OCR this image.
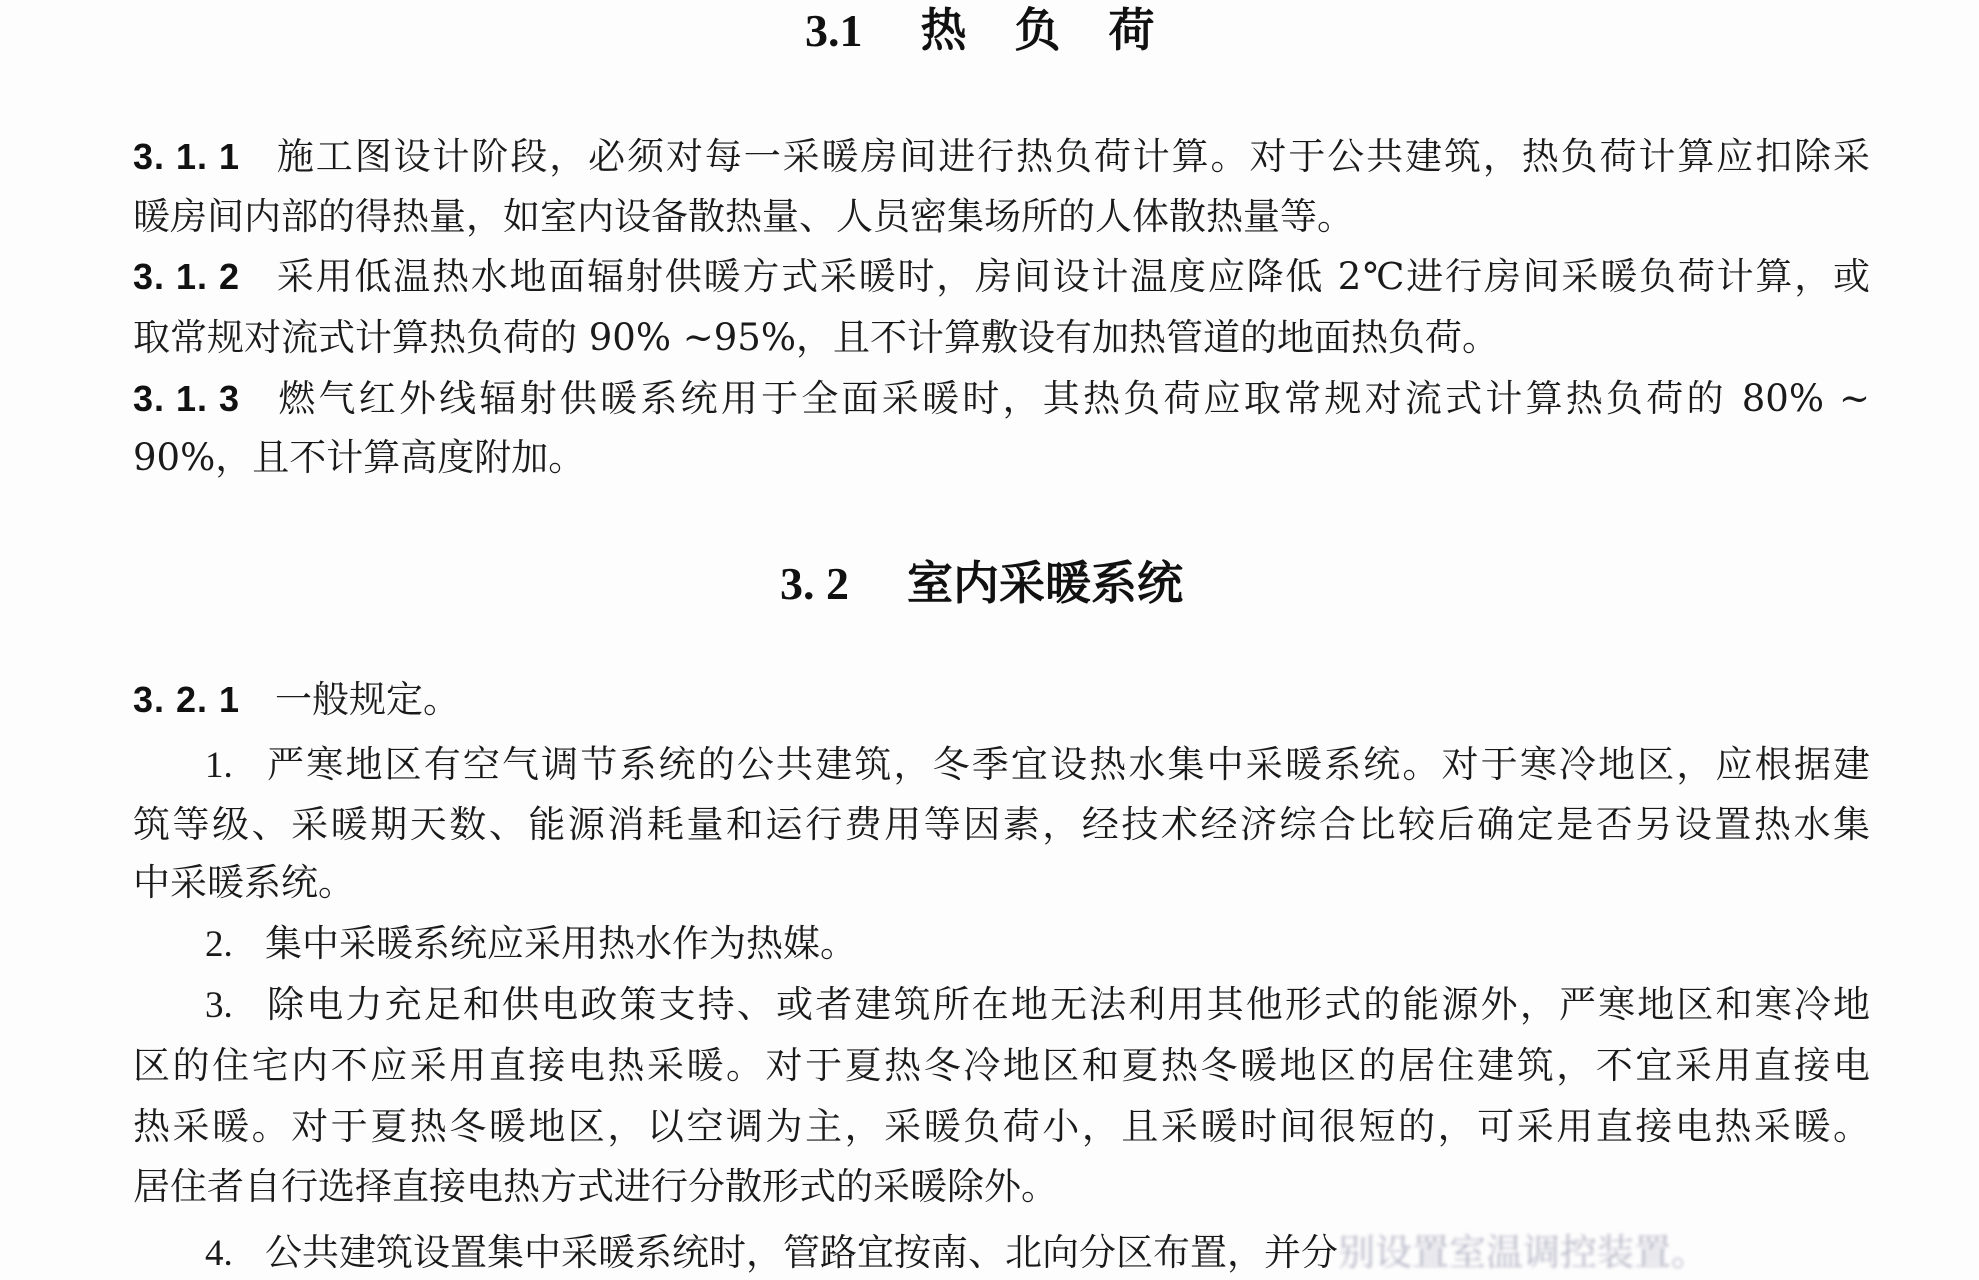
3.1 热负荷
3. 1. 1 施工图设计阶段，必须对每一采暖房间进行热负荷计算。对于公共建筑，热负荷计算应扣除采
暖房间内部的得热量，如室内设备散热量、人员密集场所的人体散热量等。
3. 1. 2 采用低温热水地面辐射供暖方式采暖时，房间设计温度应降低 2℃进行房间采暖负荷计算，或
取常规对流式计算热负荷的 90% ~95%，且不计算敷设有加热管道的地面热负荷。
3. 1. 3 燃气红外线辐射供暖系统用于全面采暖时，其热负荷应取常规对流式计算热负荷的 80% ~
90%，且不计算高度附加。
3. 2 室内采暖系统
3. 2. 1 一般规定。
1. 严寒地区有空气调节系统的公共建筑，冬季宜设热水集中采暖系统。对于寒冷地区，应根据建
筑等级、采暖期天数、能源消耗量和运行费用等因素，经技术经济综合比较后确定是否另设置热水集
中采暖系统。
2. 集中采暖系统应采用热水作为热媒。
3. 除电力充足和供电政策支持、或者建筑所在地无法利用其他形式的能源外，严寒地区和寒冷地
区的住宅内不应采用直接电热采暖。对于夏热冬冷地区和夏热冬暖地区的居住建筑，不宜采用直接电
热采暖。对于夏热冬暖地区，以空调为主，采暖负荷小，且采暖时间很短的，可采用直接电热采暖。
居住者自行选择直接电热方式进行分散形式的采暖除外。
4. 公共建筑设置集中采暖系统时，管路宜按南、北向分区布置，并分别设置室温调控装置。
